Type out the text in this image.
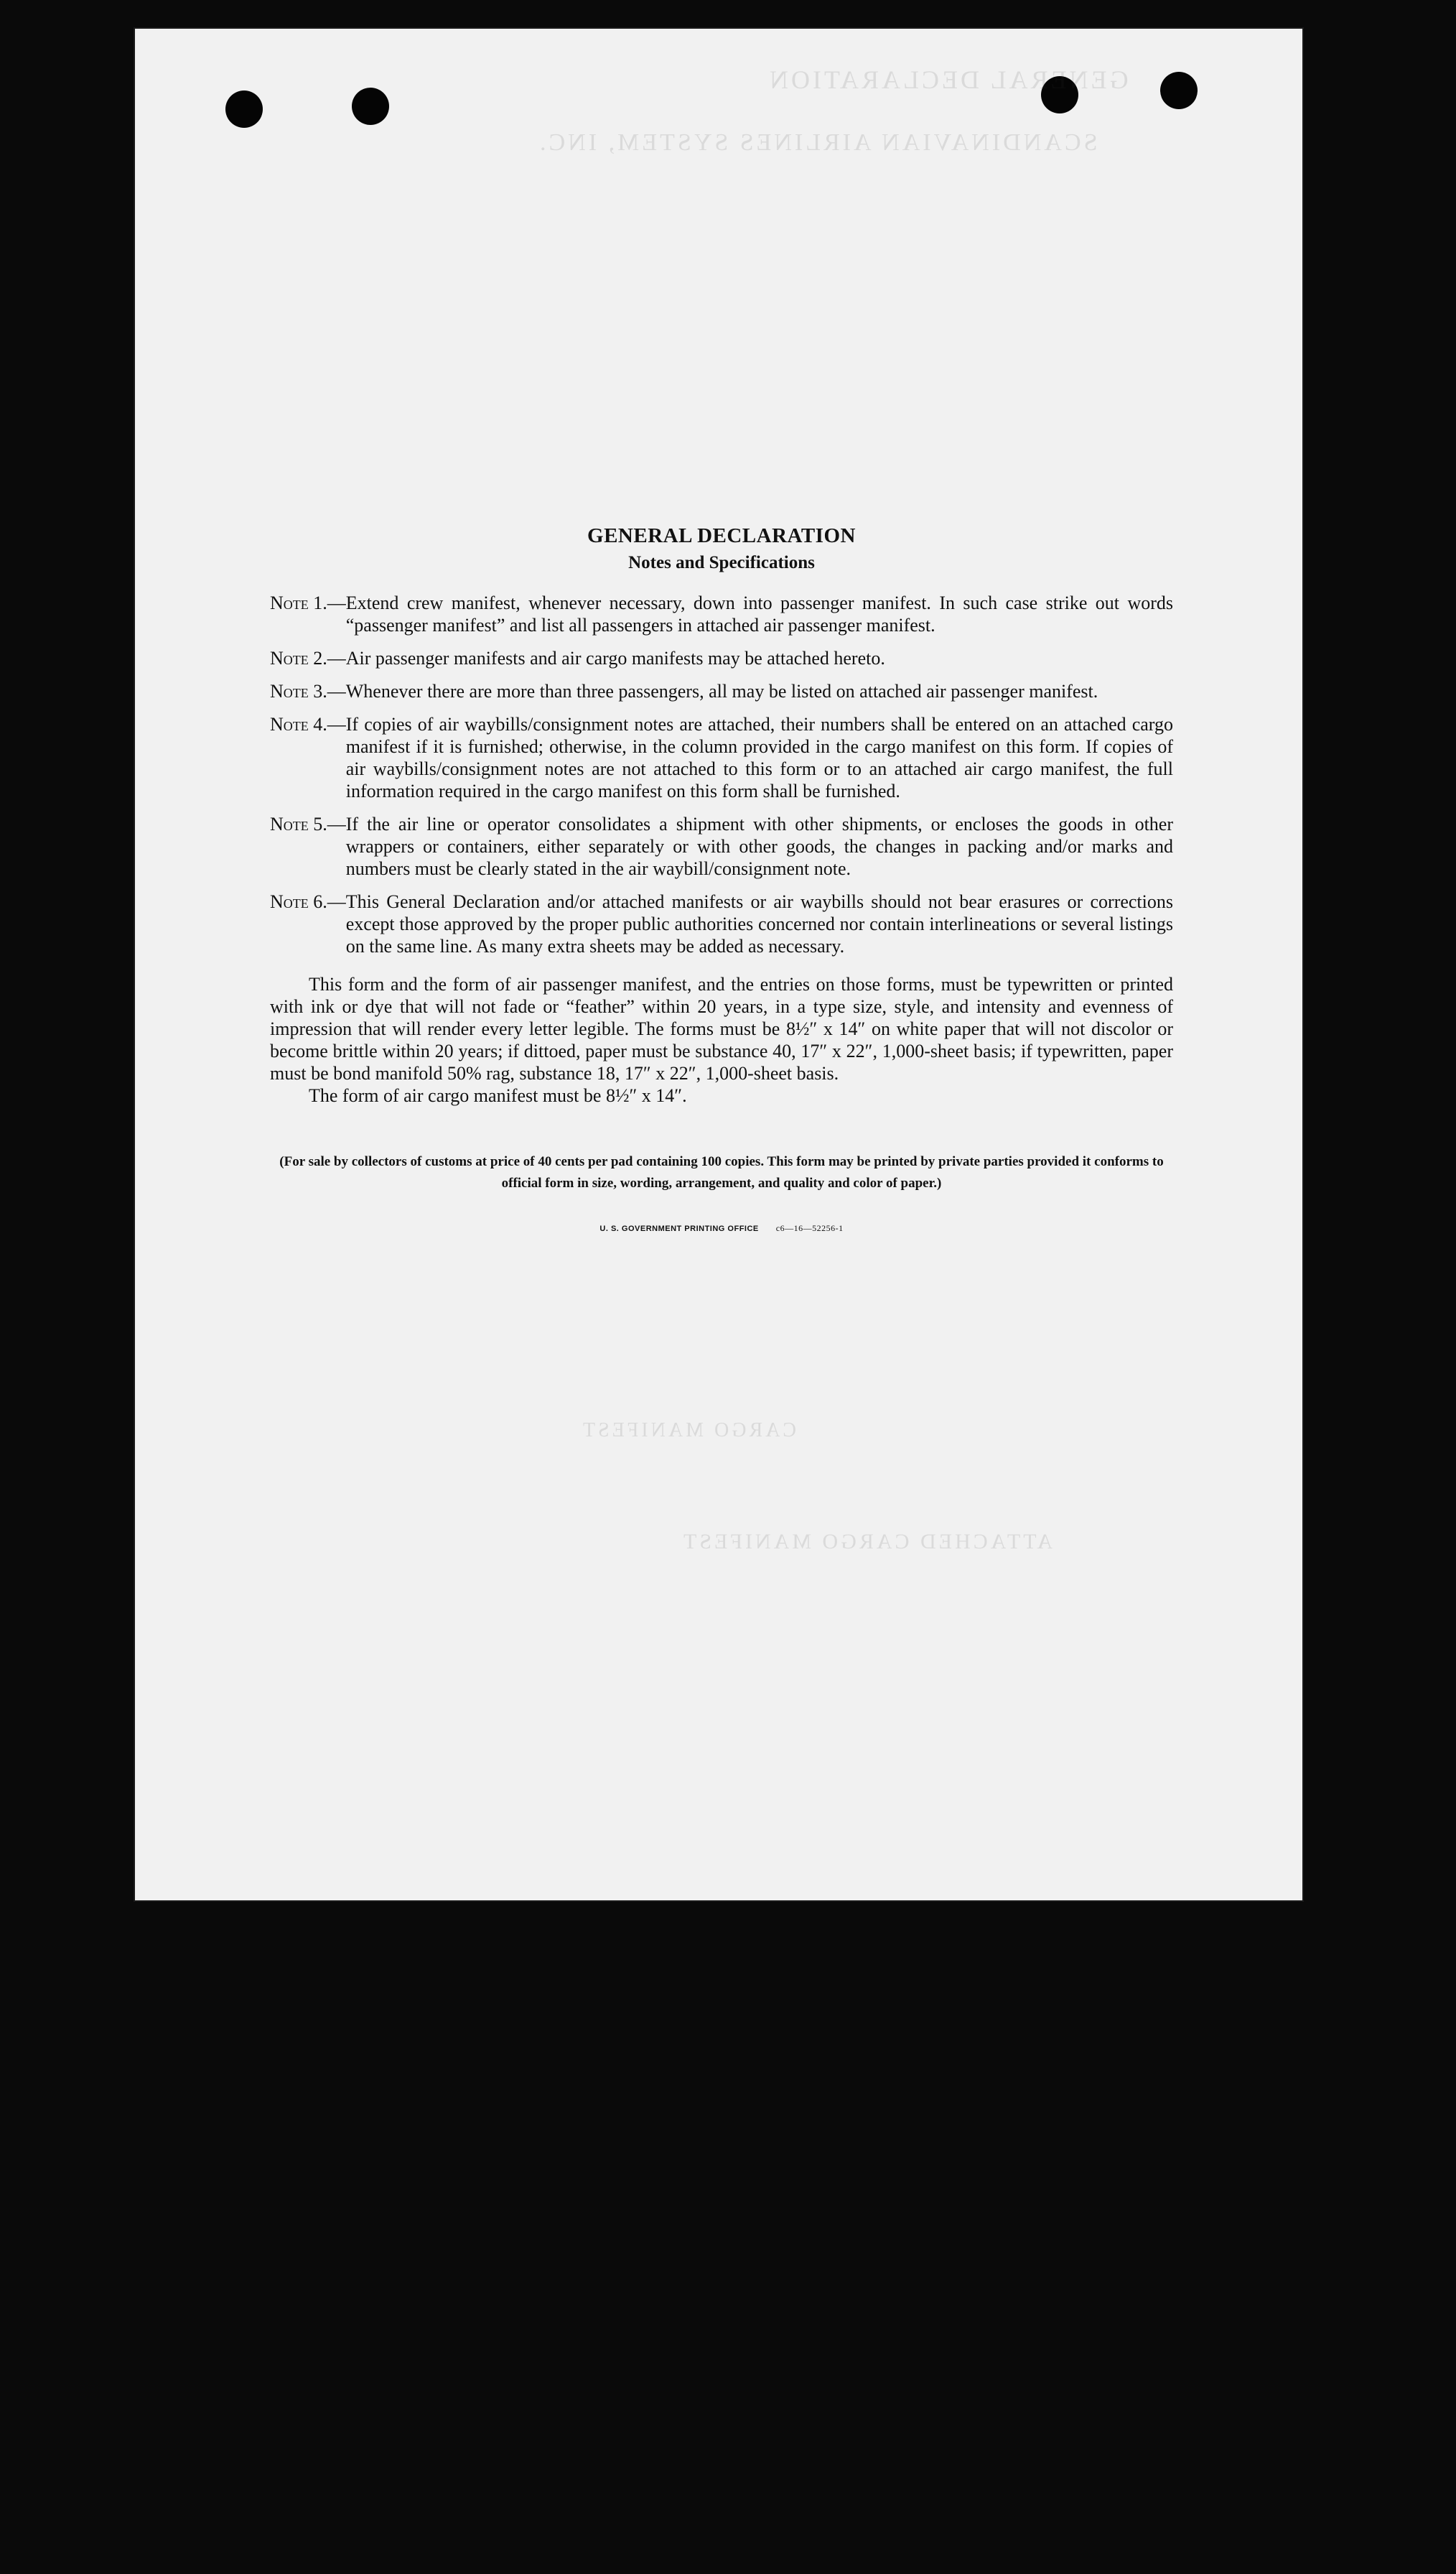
GENERAL DECLARATION
SCANDINAVIAN AIRLINES SYSTEM, INC.
CARGO MANIFEST
ATTACHED CARGO MANIFEST
GENERAL DECLARATION
Notes and Specifications
Note 1.— Extend crew manifest, whenever necessary, down into passenger manifest. In such case strike out words “passenger manifest” and list all passengers in attached air passenger manifest.
Note 2.— Air passenger manifests and air cargo manifests may be attached hereto.
Note 3.— Whenever there are more than three passengers, all may be listed on attached air passenger manifest.
Note 4.— If copies of air waybills/consignment notes are attached, their numbers shall be entered on an attached cargo manifest if it is furnished; otherwise, in the column provided in the cargo manifest on this form. If copies of air waybills/consignment notes are not attached to this form or to an attached air cargo manifest, the full information required in the cargo manifest on this form shall be furnished.
Note 5.— If the air line or operator consolidates a shipment with other shipments, or encloses the goods in other wrappers or containers, either separately or with other goods, the changes in packing and/or marks and numbers must be clearly stated in the air waybill/consignment note.
Note 6.— This General Declaration and/or attached manifests or air waybills should not bear erasures or corrections except those approved by the proper public authorities concerned nor contain interlineations or several listings on the same line. As many extra sheets may be added as necessary.

This form and the form of air passenger manifest, and the entries on those forms, must be typewritten or printed with ink or dye that will not fade or “feather” within 20 years, in a type size, style, and intensity and evenness of impression that will render every letter legible. The forms must be 8½″ x 14″ on white paper that will not discolor or become brittle within 20 years; if dittoed, paper must be substance 40, 17″ x 22″, 1,000-sheet basis; if typewritten, paper must be bond manifold 50% rag, substance 18, 17″ x 22″, 1,000-sheet basis.

The form of air cargo manifest must be 8½″ x 14″.

(For sale by collectors of customs at price of 40 cents per pad containing 100 copies. This form may be printed by private parties provided it conforms to official form in size, wording, arrangement, and quality and color of paper.)
U. S. GOVERNMENT PRINTING OFFICE c6—16—52256-1
